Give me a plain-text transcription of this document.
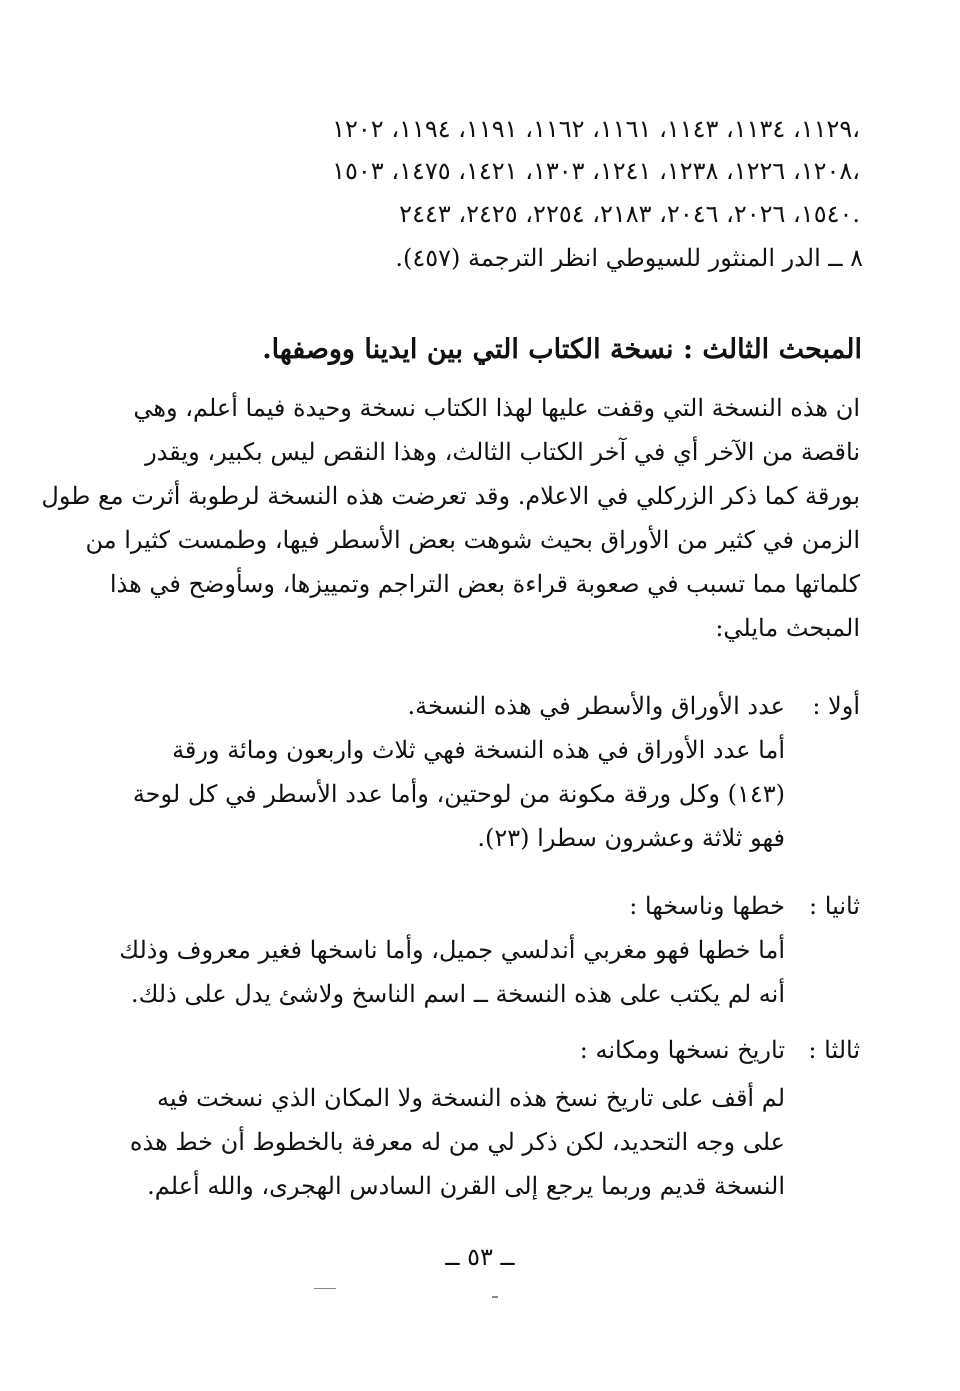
١١٢٩، ١١٣٤، ١١٤٣، ١١٦١، ١١٦٢، ١١٩١، ١١٩٤، ١٢٠٢،
١٢٠٨، ١٢٢٦، ١٢٣٨، ١٢٤١، ١٣٠٣، ١٤٢١، ١٤٧٥، ١٥٠٣،
١٥٤٠، ٢٠٢٦، ٢٠٤٦، ٢١٨٣، ٢٢٥٤، ٢٤٢٥، ٢٤٤٣.
٨ ــ الدر المنثور للسيوطي انظر الترجمة (٤٥٧).
المبحث الثالث : نسخة الكتاب التي بين ايدينا ووصفها.
ان هذه النسخة التي وقفت عليها لهذا الكتاب نسخة وحيدة فيما أعلم، وهي
ناقصة من الآخر أي في آخر الكتاب الثالث، وهذا النقص ليس بكبير، ويقدر
بورقة كما ذكر الزركلي في الاعلام. وقد تعرضت هذه النسخة لرطوبة أثرت مع طول
الزمن في كثير من الأوراق بحيث شوهت بعض الأسطر فيها، وطمست كثيرا من
كلماتها مما تسبب في صعوبة قراءة بعض التراجم وتمييزها، وسأوضح في هذا
المبحث مايلي:
أولا :
عدد الأوراق والأسطر في هذه النسخة.
أما عدد الأوراق في هذه النسخة فهي ثلاث واربعون ومائة ورقة
(١٤٣) وكل ورقة مكونة من لوحتين، وأما عدد الأسطر في كل لوحة
فهو ثلاثة وعشرون سطرا (٢٣).
ثانيا :
خطها وناسخها :
أما خطها فهو مغربي أندلسي جميل، وأما ناسخها فغير معروف وذلك
أنه لم يكتب على هذه النسخة ــ اسم الناسخ ولاشئ يدل على ذلك.
ثالثا :
تاريخ نسخها ومكانه :
لم أقف على تاريخ نسخ هذه النسخة ولا المكان الذي نسخت فيه
على وجه التحديد، لكن ذكر لي من له معرفة بالخطوط أن خط هذه
النسخة قديم وربما يرجع إلى القرن السادس الهجرى، والله أعلم.
ــ ٥٣ ــ
